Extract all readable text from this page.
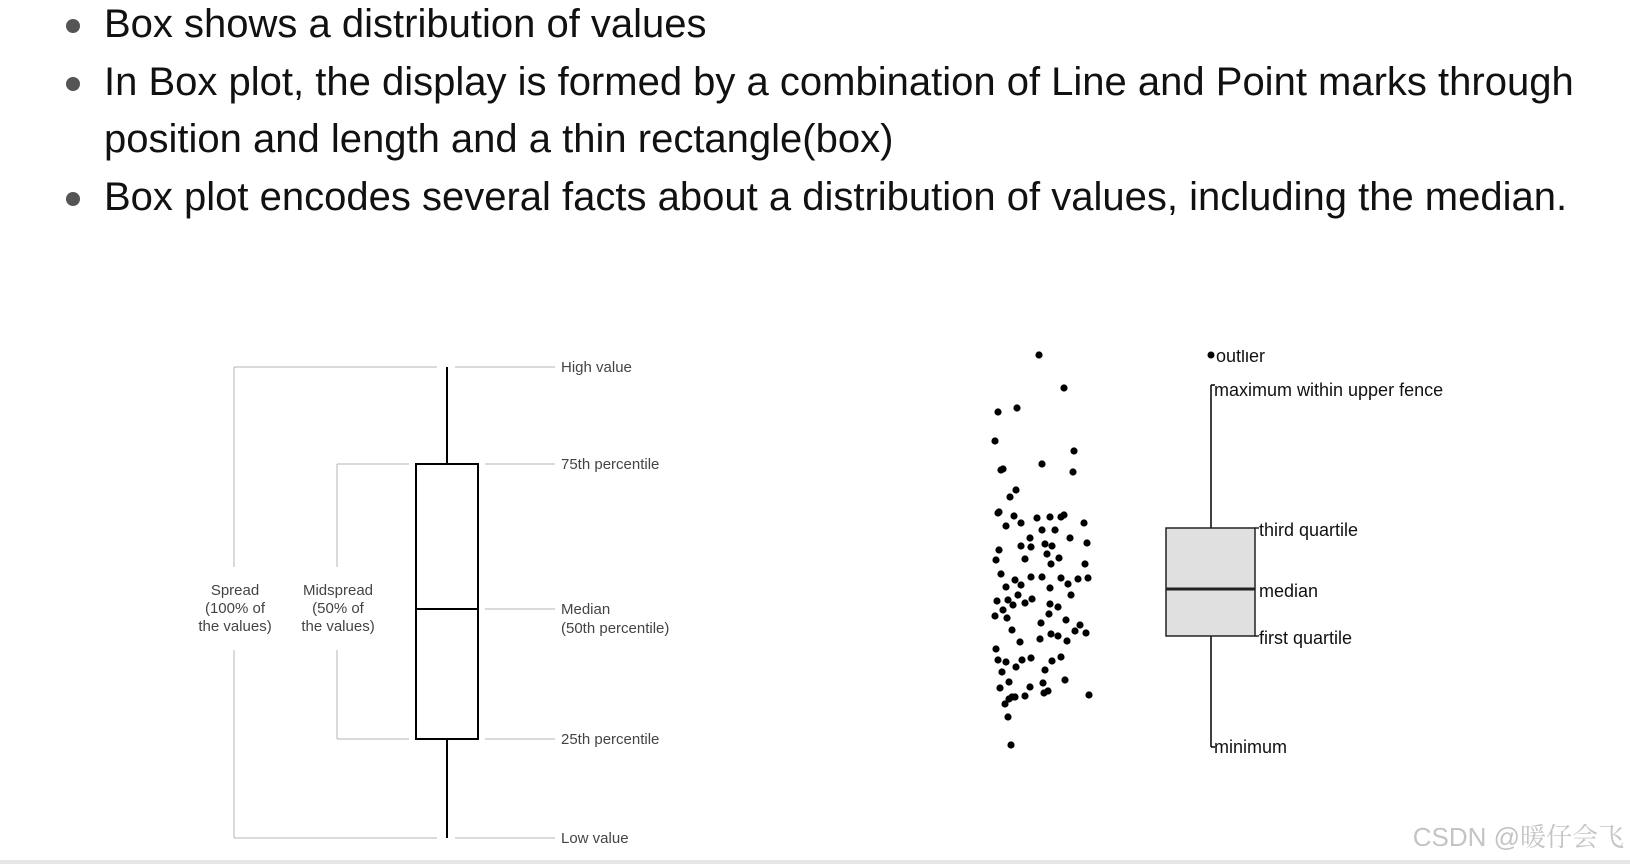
Box shows a distribution of values
In Box plot, the display is formed by a combination of Line and Point marks through position and length and a thin rectangle(box)
Box plot encodes several facts about a distribution of values, including the median.
High value
75th percentile
Median
(50th percentile)
25th percentile
Low value
Spread
(100% of
the values)
Midspread
(50% of
the values)
outlier
maximum within upper fence
third quartile
median
first quartile
minimum
CSDN @暖仔会飞
